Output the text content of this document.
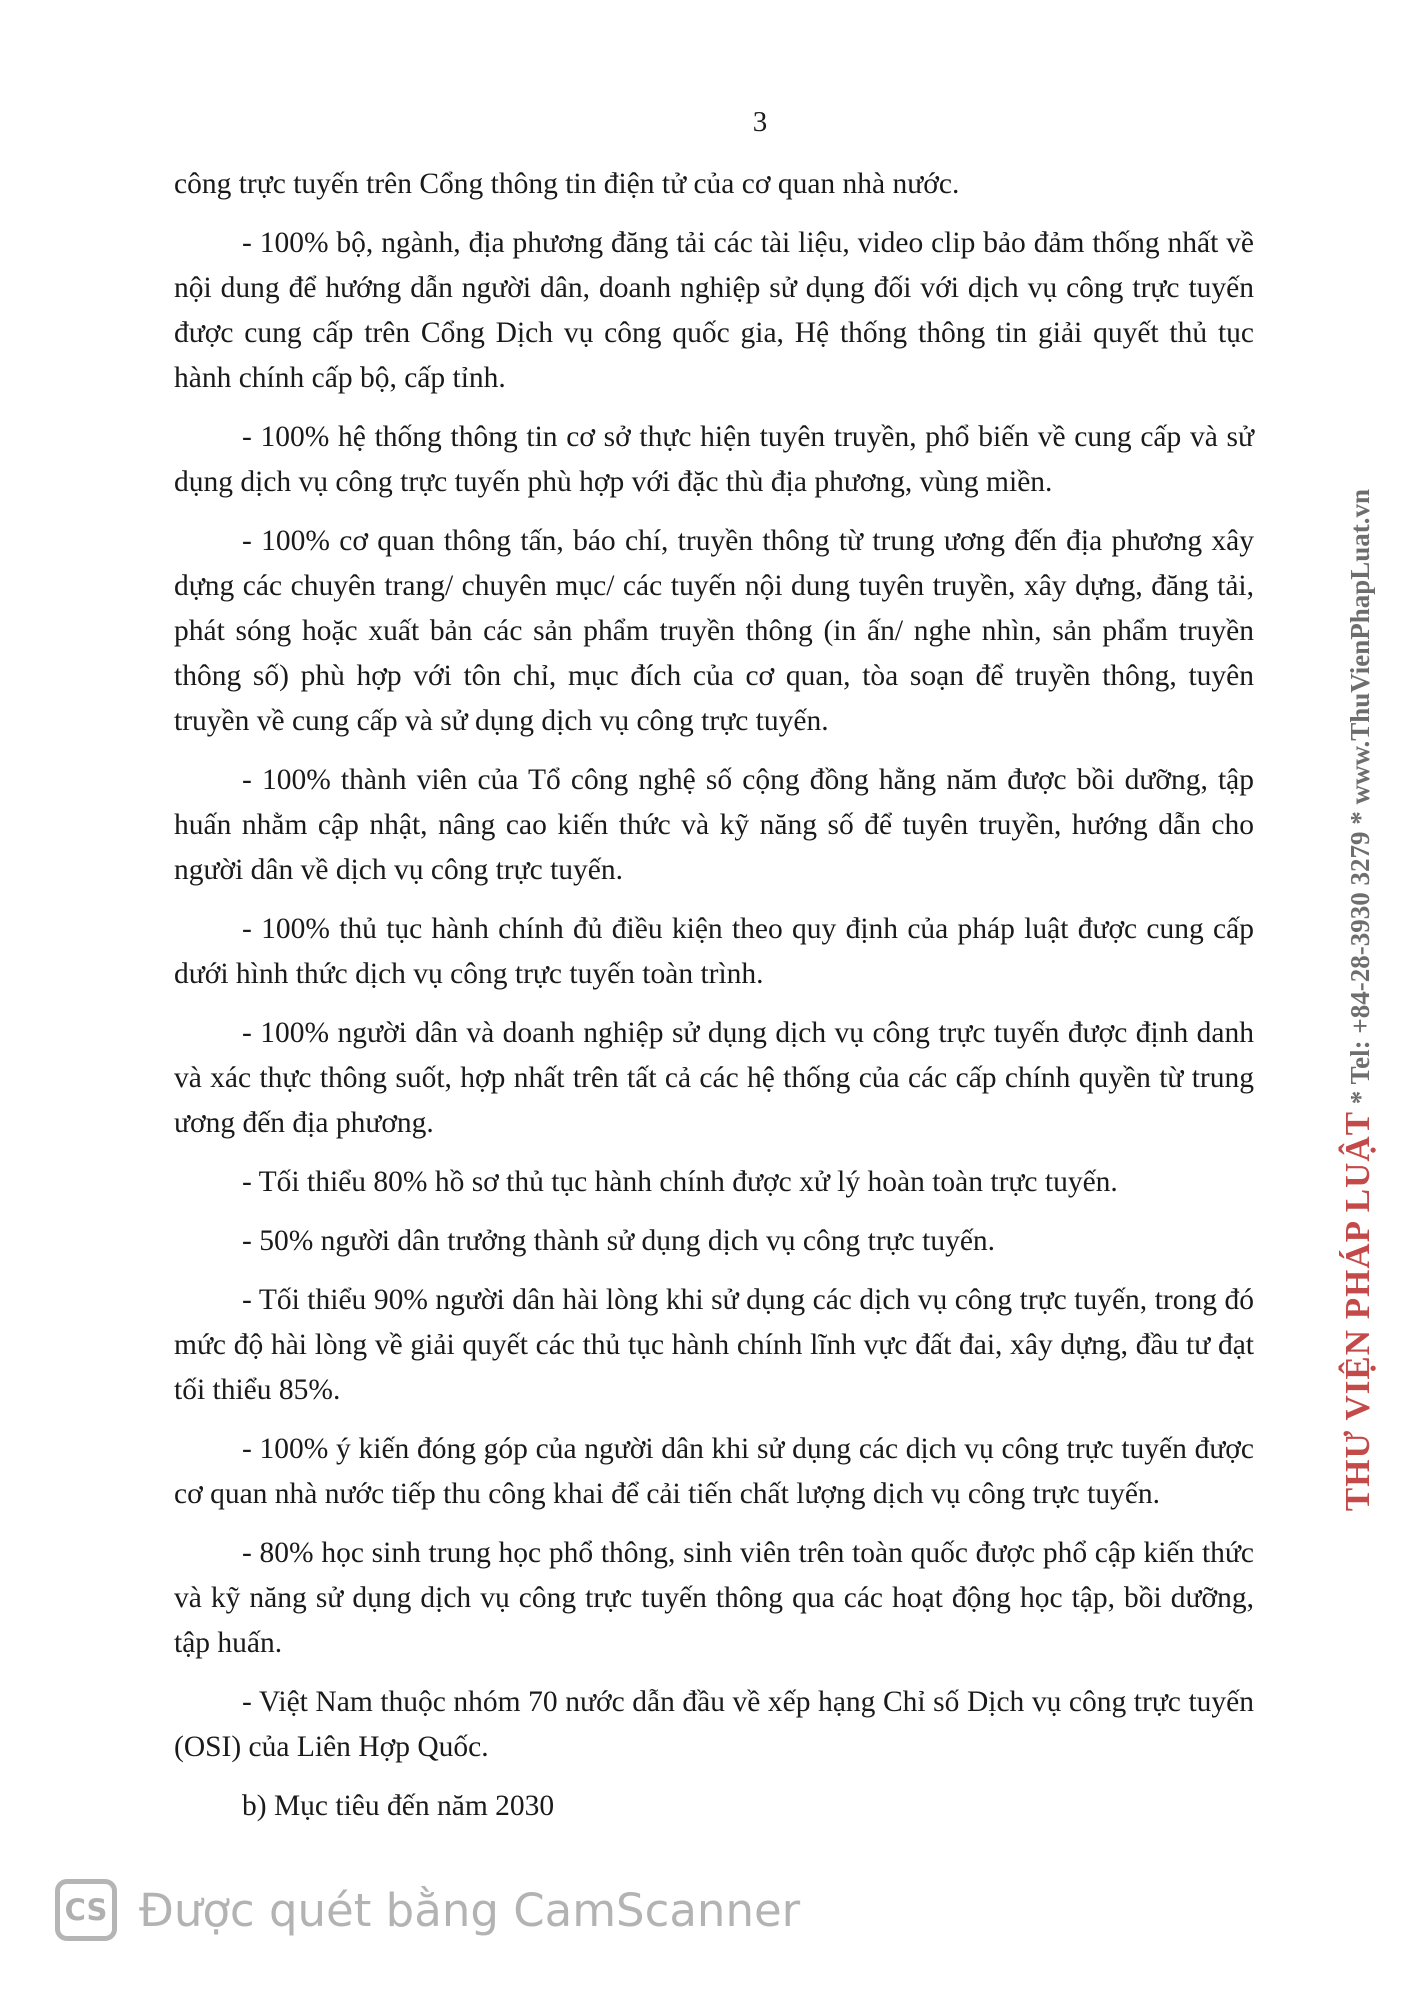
3

công trực tuyến trên Cổng thông tin điện tử của cơ quan nhà nước.

- 100% bộ, ngành, địa phương đăng tải các tài liệu, video clip bảo đảm thống nhất về nội dung để hướng dẫn người dân, doanh nghiệp sử dụng đối với dịch vụ công trực tuyến được cung cấp trên Cổng Dịch vụ công quốc gia, Hệ thống thông tin giải quyết thủ tục hành chính cấp bộ, cấp tỉnh.

- 100% hệ thống thông tin cơ sở thực hiện tuyên truyền, phổ biến về cung cấp và sử dụng dịch vụ công trực tuyến phù hợp với đặc thù địa phương, vùng miền.

- 100% cơ quan thông tấn, báo chí, truyền thông từ trung ương đến địa phương xây dựng các chuyên trang/ chuyên mục/ các tuyến nội dung tuyên truyền, xây dựng, đăng tải, phát sóng hoặc xuất bản các sản phẩm truyền thông (in ấn/ nghe nhìn, sản phẩm truyền thông số) phù hợp với tôn chỉ, mục đích của cơ quan, tòa soạn để truyền thông, tuyên truyền về cung cấp và sử dụng dịch vụ công trực tuyến.

- 100% thành viên của Tổ công nghệ số cộng đồng hằng năm được bồi dưỡng, tập huấn nhằm cập nhật, nâng cao kiến thức và kỹ năng số để tuyên truyền, hướng dẫn cho người dân về dịch vụ công trực tuyến.

- 100% thủ tục hành chính đủ điều kiện theo quy định của pháp luật được cung cấp dưới hình thức dịch vụ công trực tuyến toàn trình.

- 100% người dân và doanh nghiệp sử dụng dịch vụ công trực tuyến được định danh và xác thực thông suốt, hợp nhất trên tất cả các hệ thống của các cấp chính quyền từ trung ương đến địa phương.

- Tối thiểu 80% hồ sơ thủ tục hành chính được xử lý hoàn toàn trực tuyến.

- 50% người dân trưởng thành sử dụng dịch vụ công trực tuyến.

- Tối thiểu 90% người dân hài lòng khi sử dụng các dịch vụ công trực tuyến, trong đó mức độ hài lòng về giải quyết các thủ tục hành chính lĩnh vực đất đai, xây dựng, đầu tư đạt tối thiểu 85%.

- 100% ý kiến đóng góp của người dân khi sử dụng các dịch vụ công trực tuyến được cơ quan nhà nước tiếp thu công khai để cải tiến chất lượng dịch vụ công trực tuyến.

- 80% học sinh trung học phổ thông, sinh viên trên toàn quốc được phổ cập kiến thức và kỹ năng sử dụng dịch vụ công trực tuyến thông qua các hoạt động học tập, bồi dưỡng, tập huấn.

- Việt Nam thuộc nhóm 70 nước dẫn đầu về xếp hạng Chỉ số Dịch vụ công trực tuyến (OSI) của Liên Hợp Quốc.

b) Mục tiêu đến năm 2030

THƯ VIỆN PHÁP LUẬT * Tel: +84-28-3930 3279 * www.ThuVienPhapLuat.vn
CS Được quét bằng CamScanner
